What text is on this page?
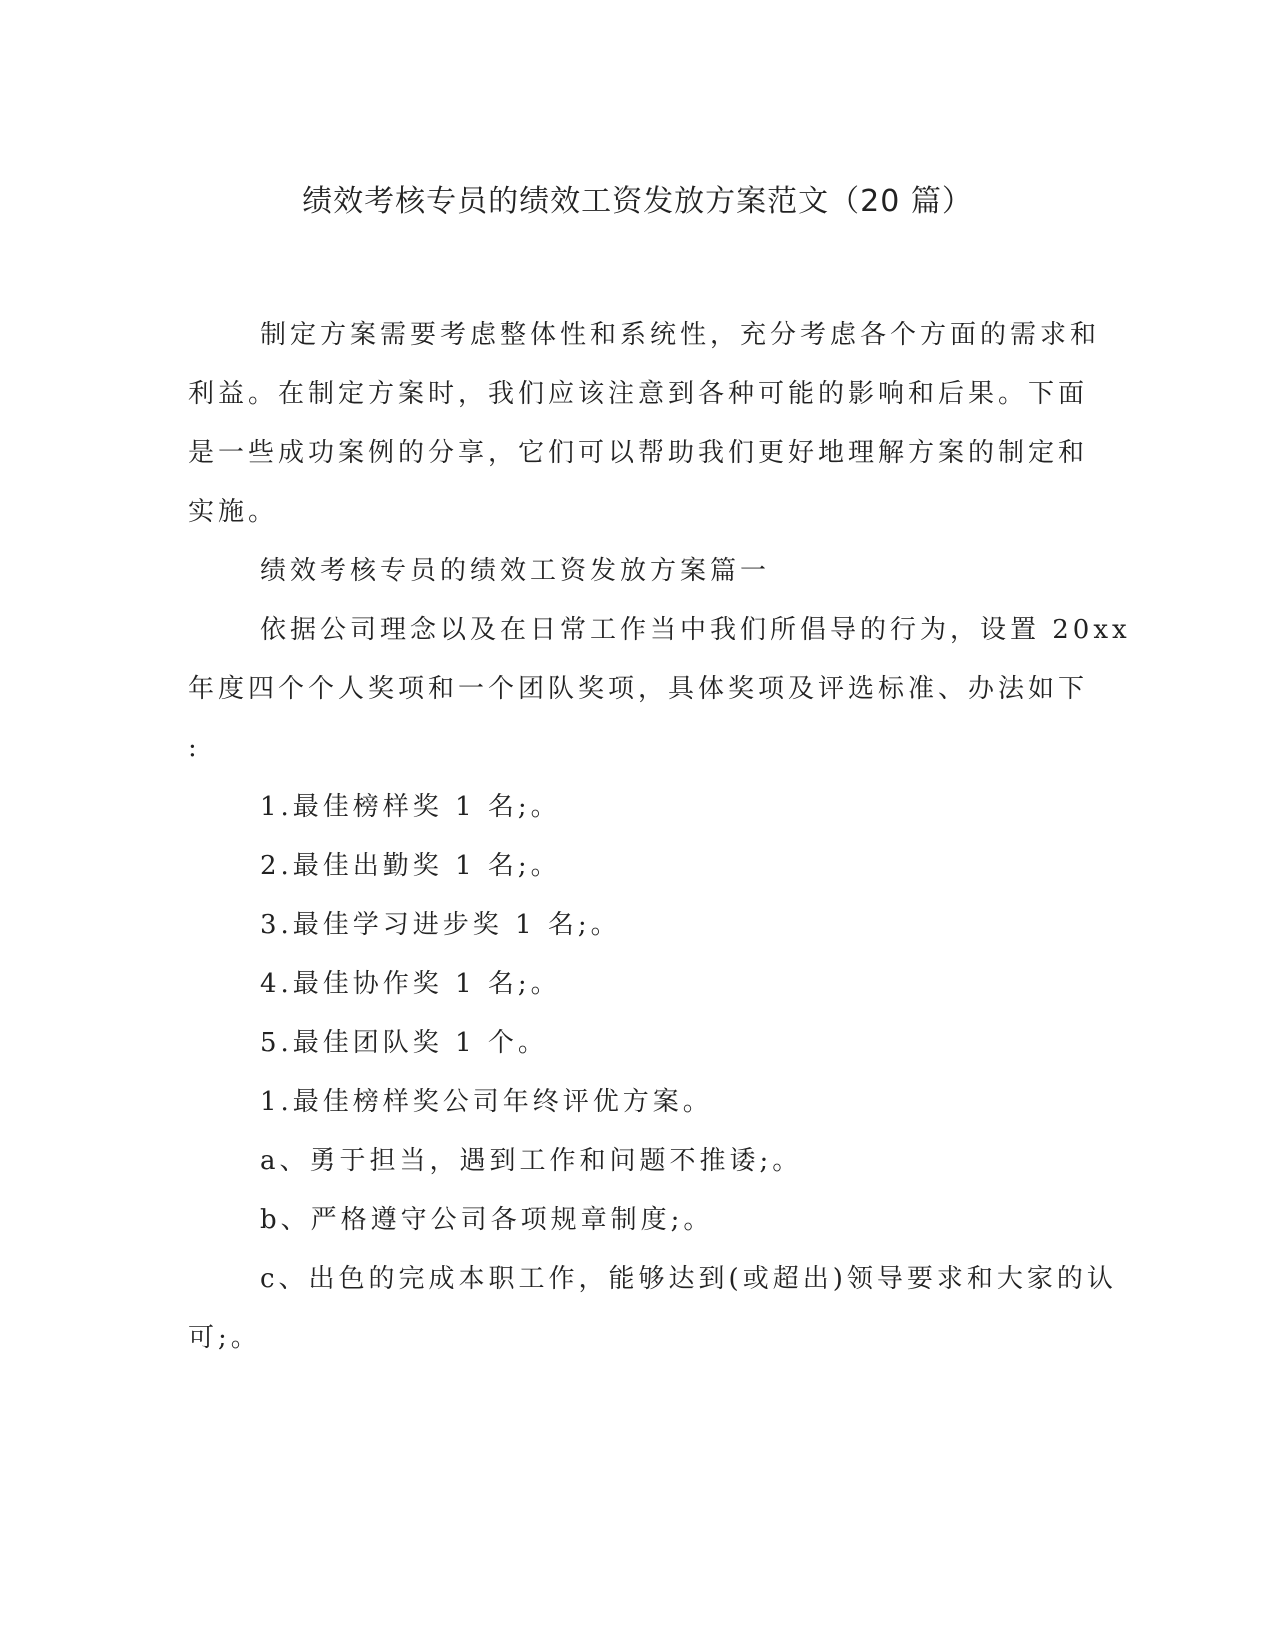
绩效考核专员的绩效工资发放方案范文（20 篇）
制定方案需要考虑整体性和系统性，充分考虑各个方面的需求和
利益。在制定方案时，我们应该注意到各种可能的影响和后果。下面
是一些成功案例的分享，它们可以帮助我们更好地理解方案的制定和
实施。
绩效考核专员的绩效工资发放方案篇一
依据公司理念以及在日常工作当中我们所倡导的行为，设置 20xx
年度四个个人奖项和一个团队奖项，具体奖项及评选标准、办法如下
:
1.最佳榜样奖 1 名;。
2.最佳出勤奖 1 名;。
3.最佳学习进步奖 1 名;。
4.最佳协作奖 1 名;。
5.最佳团队奖 1 个。
1.最佳榜样奖公司年终评优方案。
a、勇于担当，遇到工作和问题不推诿;。
b、严格遵守公司各项规章制度;。
c、出色的完成本职工作，能够达到(或超出)领导要求和大家的认
可;。
